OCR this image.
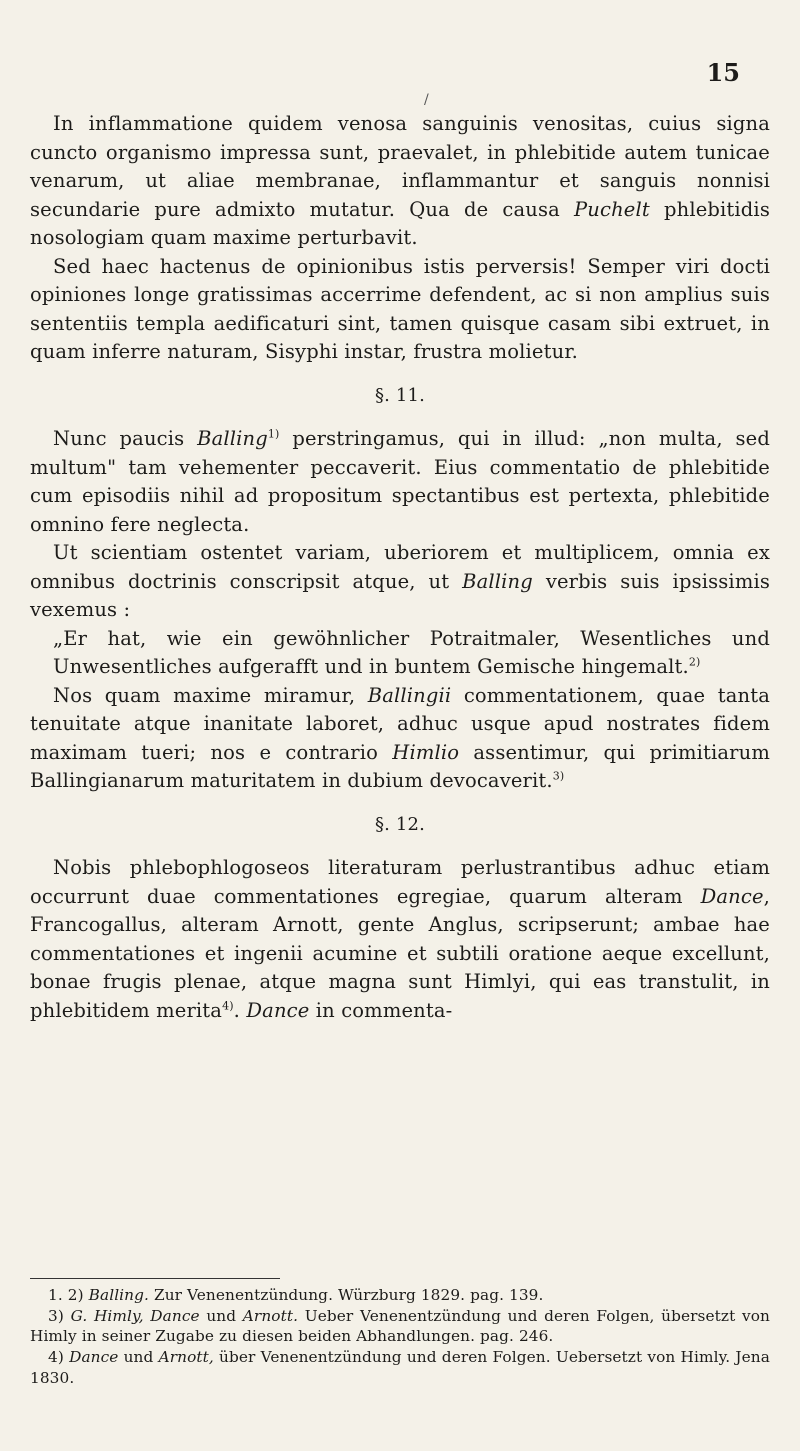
15
/

In inflammatione quidem venosa sanguinis venositas, cuius signa cuncto organismo impressa sunt, praevalet, in phlebitide autem tunicae venarum, ut aliae membranae, inflammantur et sanguis nonnisi secundarie pure admixto mutatur. Qua de causa Puchelt phlebitidis nosologiam quam maxime perturbavit.

Sed haec hactenus de opinionibus istis perversis! Semper viri docti opiniones longe gratissimas accerrime defendent, ac si non amplius suis sententiis templa aedificaturi sint, tamen quisque casam sibi extruet, in quam inferre naturam, Sisyphi instar, frustra molietur.

§. 11.

Nunc paucis Balling$^{1)}$ perstringamus, qui in illud: „non multa, sed multum" tam vehementer peccaverit. Eius commentatio de phlebitide cum episodiis nihil ad propositum spectantibus est pertexta, phlebitide omnino fere neglecta.

Ut scientiam ostentet variam, uberiorem et multiplicem, omnia ex omnibus doctrinis conscripsit atque, ut Balling verbis suis ipsissimis vexemus :

„Er hat, wie ein gewöhnlicher Potraitmaler, Wesentliches und Unwesentliches aufgerafft und in buntem Gemische hingemalt.$^{2)}$

Nos quam maxime miramur, Ballingii commentationem, quae tanta tenuitate atque inanitate laboret, adhuc usque apud nostrates fidem maximam tueri; nos e contrario Himlio assentimur, qui primitiarum Ballingianarum maturitatem in dubium devocaverit.$^{3)}$

§. 12.

Nobis phlebophlogoseos literaturam perlustrantibus adhuc etiam occurrunt duae commentationes egregiae, quarum alteram Dance, Francogallus, alteram Arnott, gente Anglus, scripserunt; ambae hae commentationes et ingenii acumine et subtili oratione aeque excellunt, bonae frugis plenae, atque magna sunt Himlyi, qui eas transtulit, in phlebitidem merita$^{4)}$. Dance in commenta-

1. 2) Balling. Zur Venenentzündung. Würzburg 1829. pag. 139.

3) G. Himly, Dance und Arnott. Ueber Venenentzündung und deren Folgen, übersetzt von Himly in seiner Zugabe zu diesen beiden Abhandlungen. pag. 246.

4) Dance und Arnott, über Venenentzündung und deren Folgen. Uebersetzt von Himly. Jena 1830.
